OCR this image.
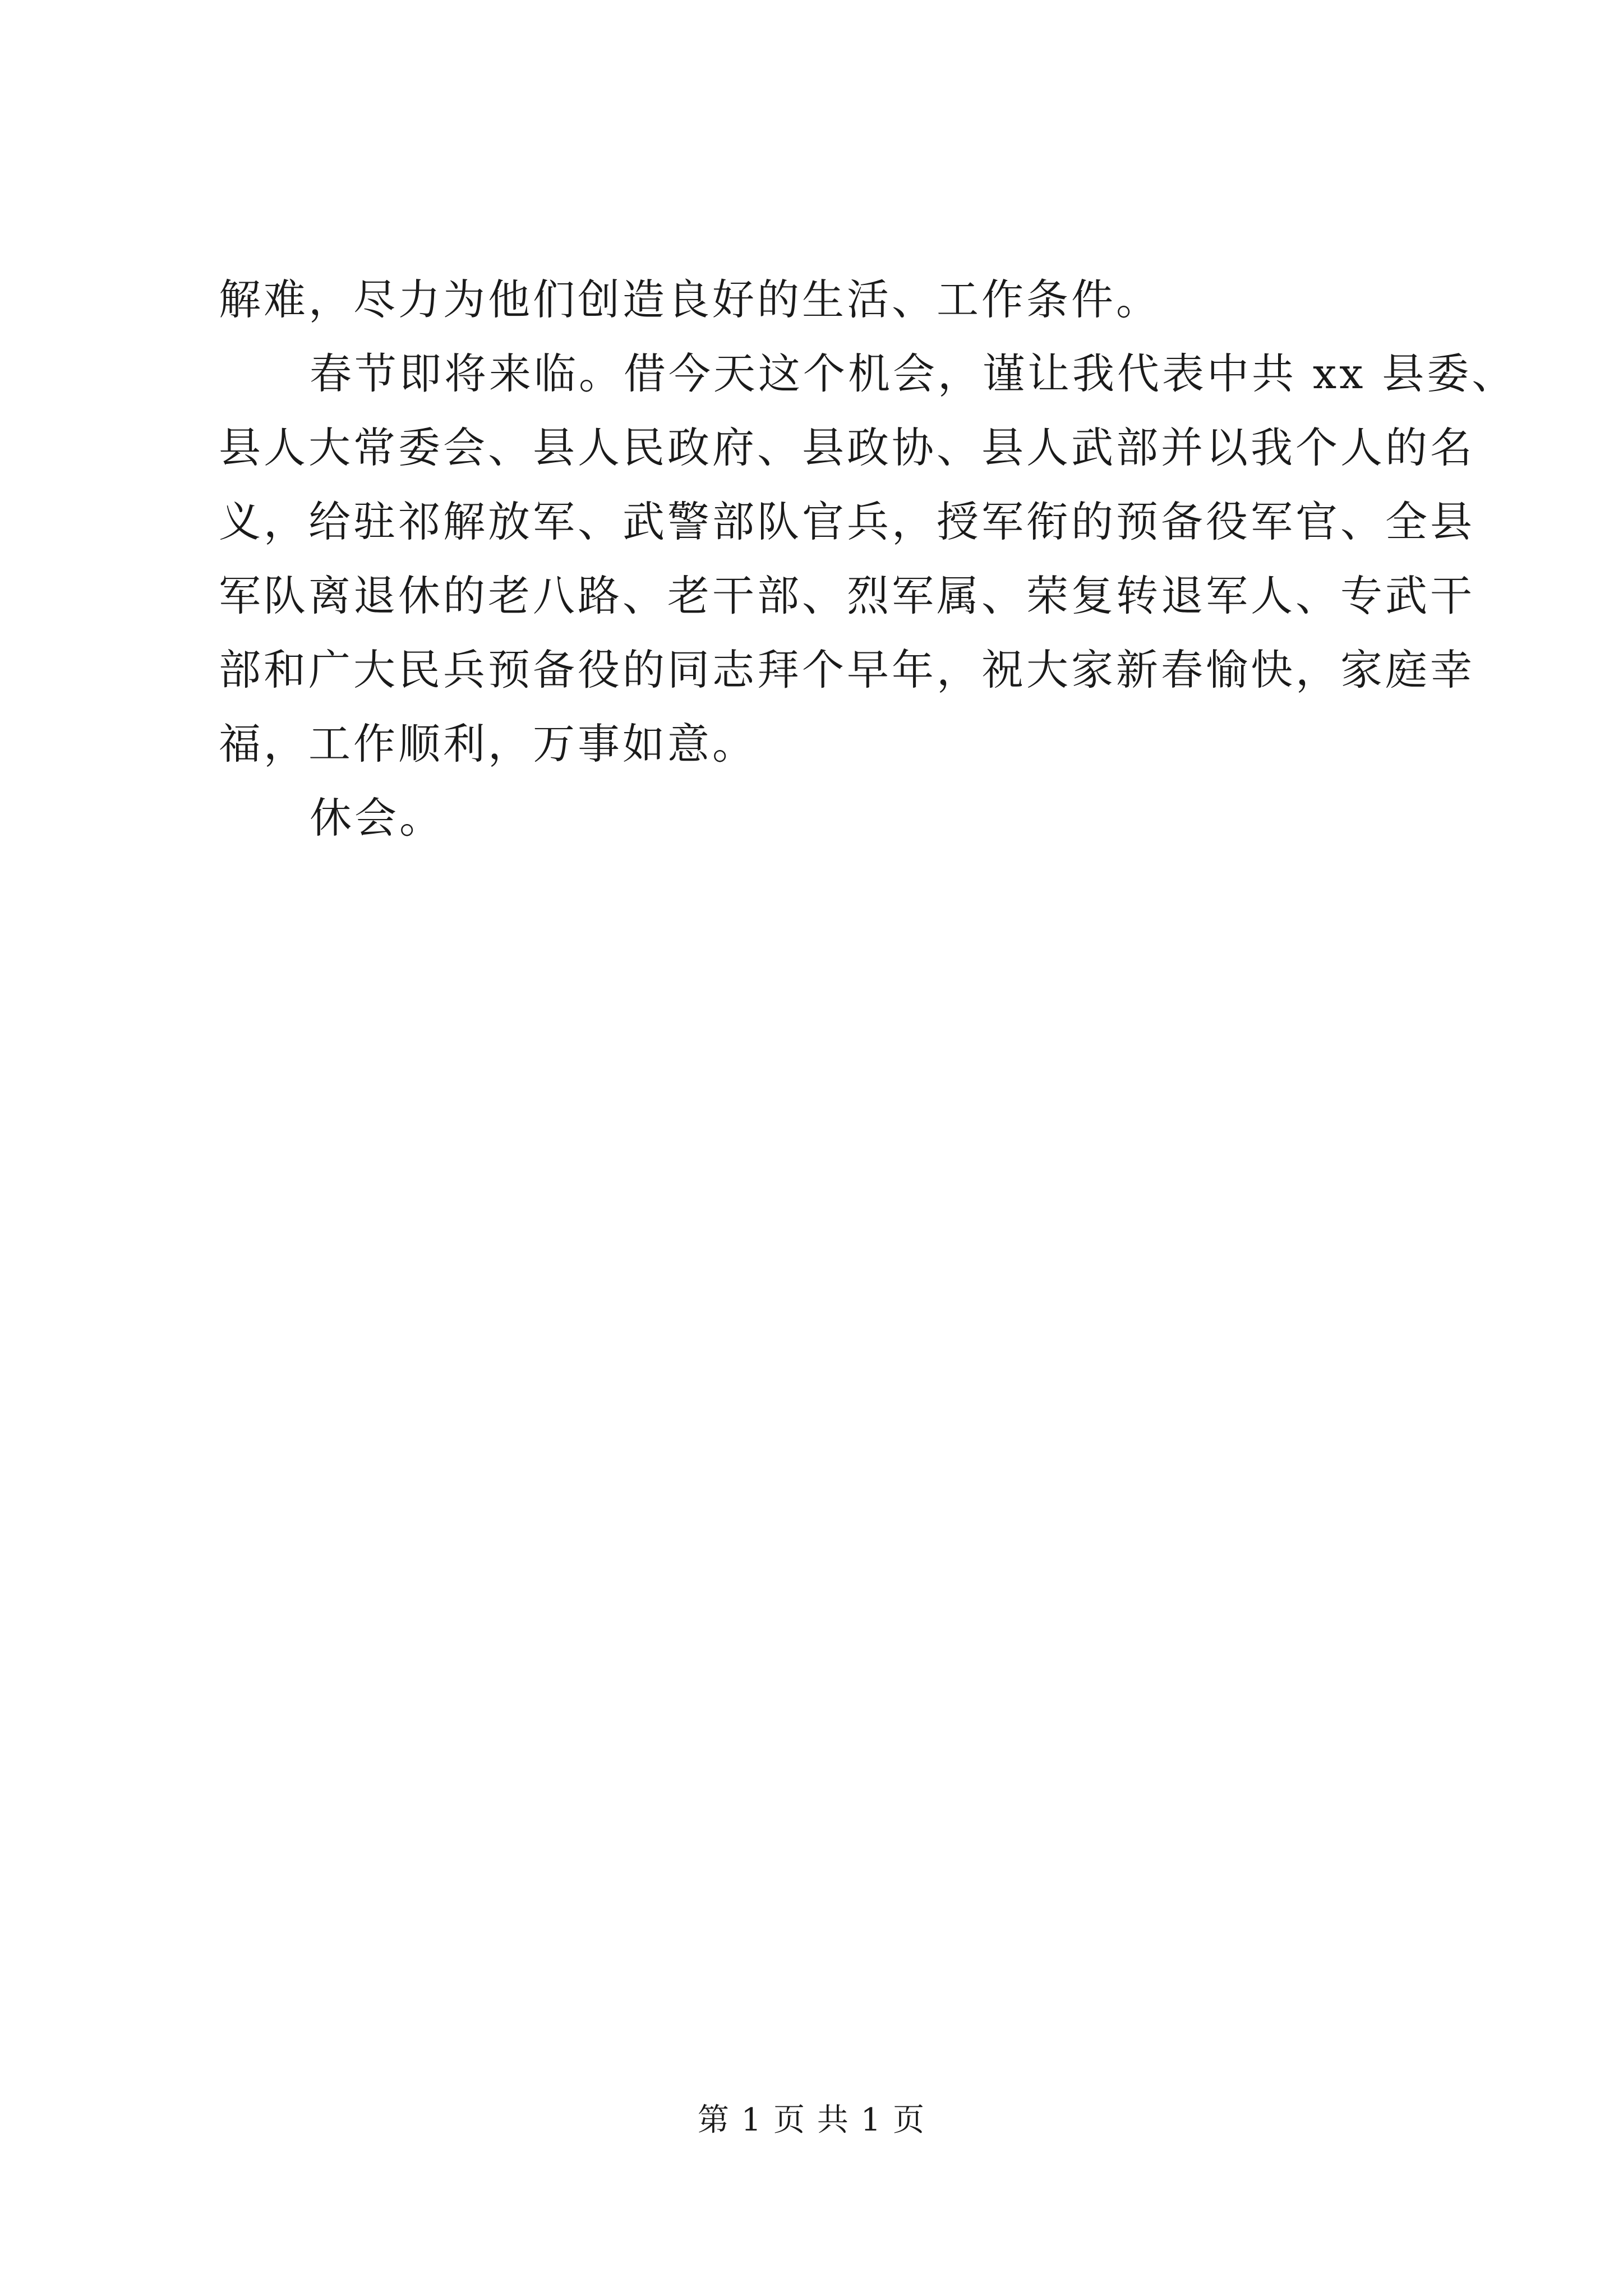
解难，尽力为他们创造良好的生活、工作条件。
春节即将来临。借今天这个机会，谨让我代表中共 xx 县委、
县人大常委会、县人民政府、县政协、县人武部并以我个人的名
义，给驻祁解放军、武警部队官兵，授军衔的预备役军官、全县
军队离退休的老八路、老干部、烈军属、荣复转退军人、专武干
部和广大民兵预备役的同志拜个早年，祝大家新春愉快，家庭幸
福，工作顺利，万事如意。
休会。
第 1 页 共 1 页
